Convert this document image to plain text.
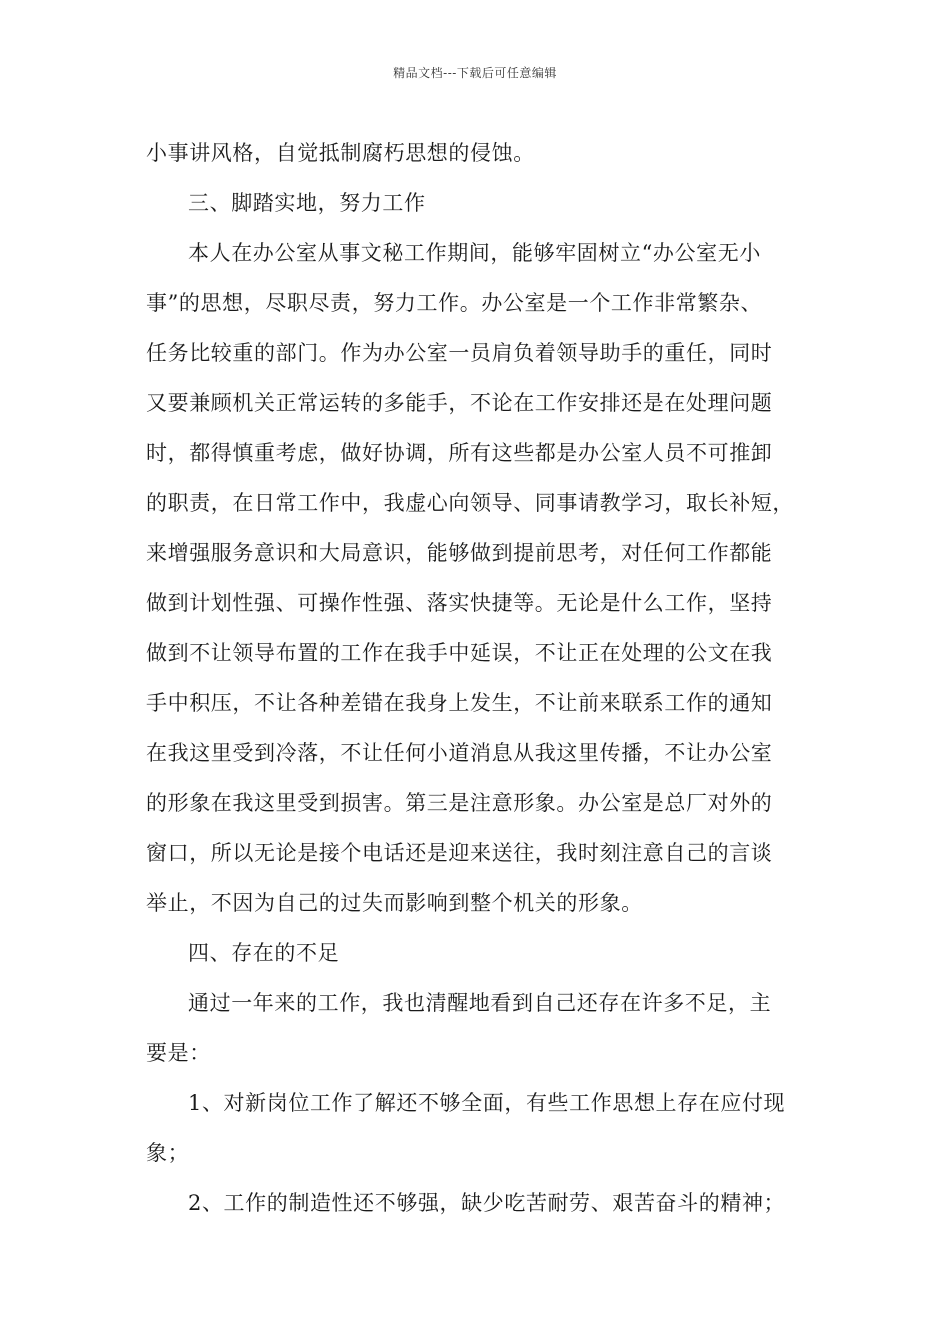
精品文档---下载后可任意编辑
小事讲风格，自觉抵制腐朽思想的侵蚀。
三、脚踏实地，努力工作
本人在办公室从事文秘工作期间，能够牢固树立“办公室无小
事”的思想，尽职尽责，努力工作。办公室是一个工作非常繁杂、
任务比较重的部门。作为办公室一员肩负着领导助手的重任，同时
又要兼顾机关正常运转的多能手，不论在工作安排还是在处理问题
时，都得慎重考虑，做好协调，所有这些都是办公室人员不可推卸
的职责，在日常工作中，我虚心向领导、同事请教学习，取长补短，
来增强服务意识和大局意识，能够做到提前思考，对任何工作都能
做到计划性强、可操作性强、落实快捷等。无论是什么工作，坚持
做到不让领导布置的工作在我手中延误，不让正在处理的公文在我
手中积压，不让各种差错在我身上发生，不让前来联系工作的通知
在我这里受到冷落，不让任何小道消息从我这里传播，不让办公室
的形象在我这里受到损害。第三是注意形象。办公室是总厂对外的
窗口，所以无论是接个电话还是迎来送往，我时刻注意自己的言谈
举止，不因为自己的过失而影响到整个机关的形象。
四、存在的不足
通过一年来的工作，我也清醒地看到自己还存在许多不足，主
要是：
1、对新岗位工作了解还不够全面，有些工作思想上存在应付现
象；
2、工作的制造性还不够强，缺少吃苦耐劳、艰苦奋斗的精神；
